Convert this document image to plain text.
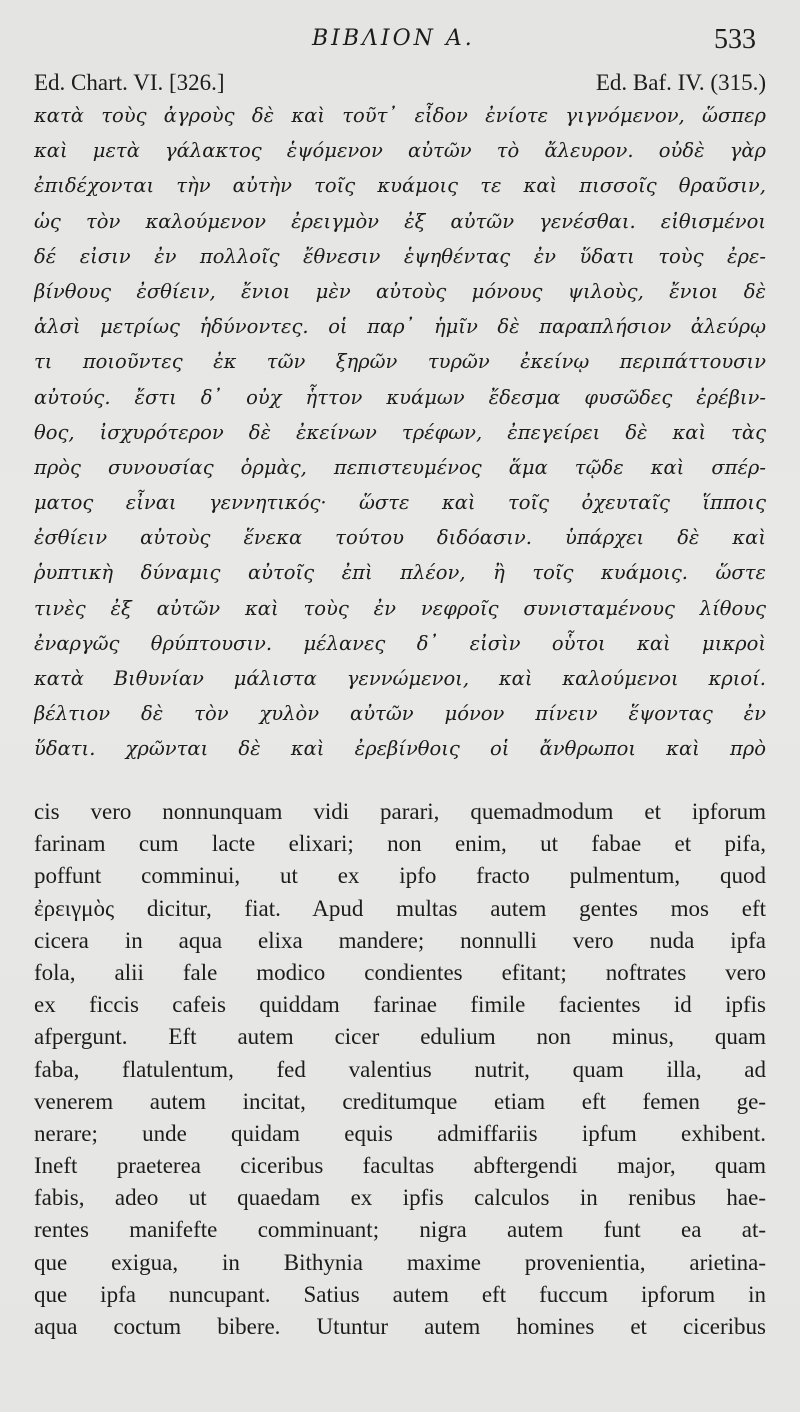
ΒΙΒΛΙΟΝ Α.	533
Ed. Chart. VI. [326.]	Ed. Baf. IV. (315.)
κατὰ τοὺς ἀγροὺς δὲ καὶ τοῦτ᾽ εἶδον ἐνίοτε γιγνόμενον, ὥσπερ
καὶ μετὰ γάλακτος ἑψόμενον αὐτῶν τὸ ἄλευρον. οὐδὲ γὰρ
ἐπιδέχονται τὴν αὐτὴν τοῖς κυάμοις τε καὶ πισσοῖς θραῦσιν,
ὡς τὸν καλούμενον ἐρειγμὸν ἐξ αὐτῶν γενέσθαι. εἰθισμένοι
δέ εἰσιν ἐν πολλοῖς ἔθνεσιν ἑψηθέντας ἐν ὕδατι τοὺς ἐρε-
βίνθους ἐσθίειν, ἔνιοι μὲν αὐτοὺς μόνους ψιλοὺς, ἔνιοι δὲ
ἁλσὶ μετρίως ἡδύνοντες. οἱ παρ᾽ ἡμῖν δὲ παραπλήσιον ἀλεύρῳ
τι ποιοῦντες ἐκ τῶν ξηρῶν τυρῶν ἐκείνῳ περιπάττουσιν
αὐτούς. ἔστι δ᾽ οὐχ ἧττον κυάμων ἔδεσμα φυσῶδες ἐρέβιν-
θος, ἰσχυρότερον δὲ ἐκείνων τρέφων, ἐπεγείρει δὲ καὶ τὰς
πρὸς συνουσίας ὁρμὰς, πεπιστευμένος ἅμα τῷδε καὶ σπέρ-
ματος εἶναι γεννητικός· ὥστε καὶ τοῖς ὀχευταῖς ἵπποις
ἐσθίειν αὐτοὺς ἕνεκα τούτου διδόασιν. ὑπάρχει δὲ καὶ
ῥυπτικὴ δύναμις αὐτοῖς ἐπὶ πλέον, ἢ τοῖς κυάμοις. ὥστε
τινὲς ἐξ αὐτῶν καὶ τοὺς ἐν νεφροῖς συνισταμένους λίθους
ἐναργῶς θρύπτουσιν. μέλανες δ᾽ εἰσὶν οὗτοι καὶ μικροὶ
κατὰ Βιθυνίαν μάλιστα γεννώμενοι, καὶ καλούμενοι κριοί.
βέλτιον δὲ τὸν χυλὸν αὐτῶν μόνον πίνειν ἕψοντας ἐν
ὕδατι. χρῶνται δὲ καὶ ἐρεβίνθοις οἱ ἄνθρωποι καὶ πρὸ
cis vero nonnunquam vidi parari, quemadmodum et ipforum
farinam cum lacte elixari; non enim, ut fabae et pifa,
poffunt comminui, ut ex ipfo fracto pulmentum, quod
ἐρειγμὸς dicitur, fiat. Apud multas autem gentes mos eft
cicera in aqua elixa mandere; nonnulli vero nuda ipfa
fola, alii fale modico condientes efitant; noftrates vero
ex ficcis cafeis quiddam farinae fimile facientes id ipfis
afpergunt. Eft autem cicer edulium non minus, quam
faba, flatulentum, fed valentius nutrit, quam illa, ad
venerem autem incitat, creditumque etiam eft femen ge-
nerare; unde quidam equis admiffariis ipfum exhibent.
Ineft praeterea ciceribus facultas abftergendi major, quam
fabis, adeo ut quaedam ex ipfis calculos in renibus hae-
rentes manifefte comminuant; nigra autem funt ea at-
que exigua, in Bithynia maxime provenientia, arietina-
que ipfa nuncupant. Satius autem eft fuccum ipforum in
aqua coctum bibere. Utuntur autem homines et ciceribus
